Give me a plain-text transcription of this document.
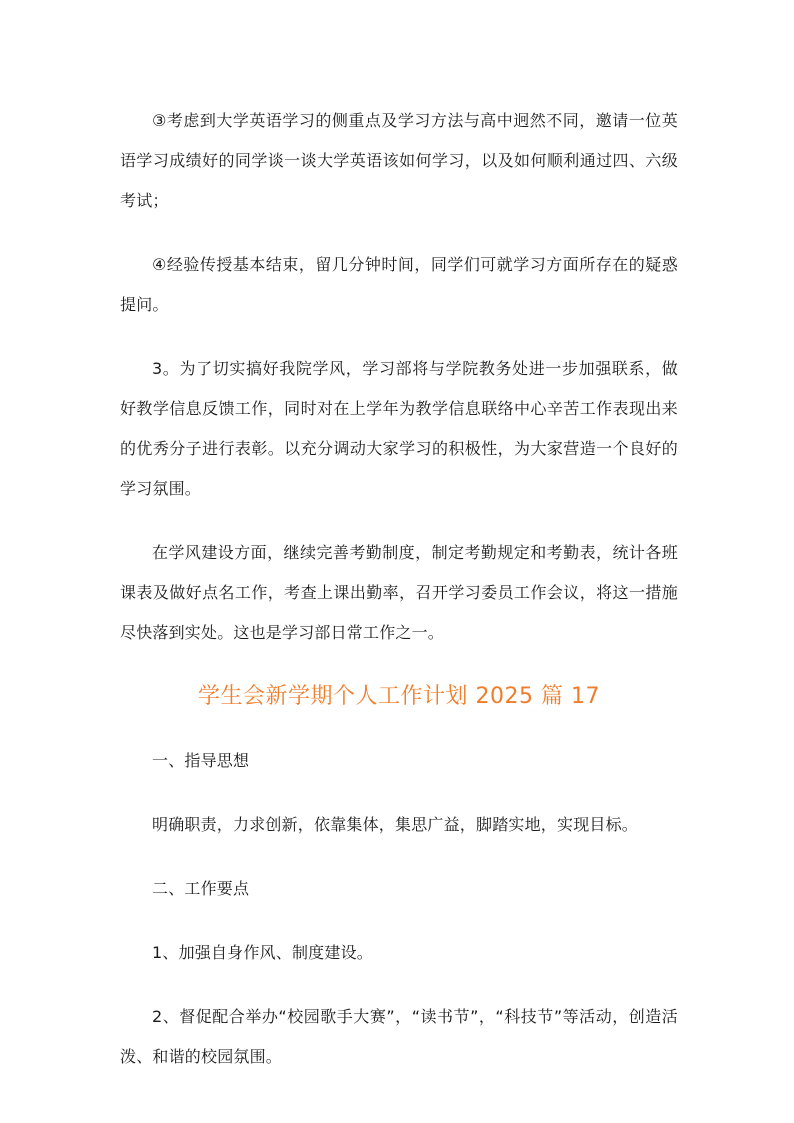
③考虑到大学英语学习的侧重点及学习方法与高中迥然不同，邀请一位英语学习成绩好的同学谈一谈大学英语该如何学习，以及如何顺利通过四、六级考试；

④经验传授基本结束，留几分钟时间，同学们可就学习方面所存在的疑惑提问。

3。为了切实搞好我院学风，学习部将与学院教务处进一步加强联系，做好教学信息反馈工作，同时对在上学年为教学信息联络中心辛苦工作表现出来的优秀分子进行表彰。以充分调动大家学习的积极性，为大家营造一个良好的学习氛围。

在学风建设方面，继续完善考勤制度，制定考勤规定和考勤表，统计各班课表及做好点名工作，考查上课出勤率，召开学习委员工作会议，将这一措施尽快落到实处。这也是学习部日常工作之一。

学生会新学期个人工作计划 2025 篇 17

一、指导思想

明确职责，力求创新，依靠集体，集思广益，脚踏实地，实现目标。

二、工作要点

1、加强自身作风、制度建设。

2、督促配合举办“校园歌手大赛”，“读书节”，“科技节”等活动，创造活泼、和谐的校园氛围。
